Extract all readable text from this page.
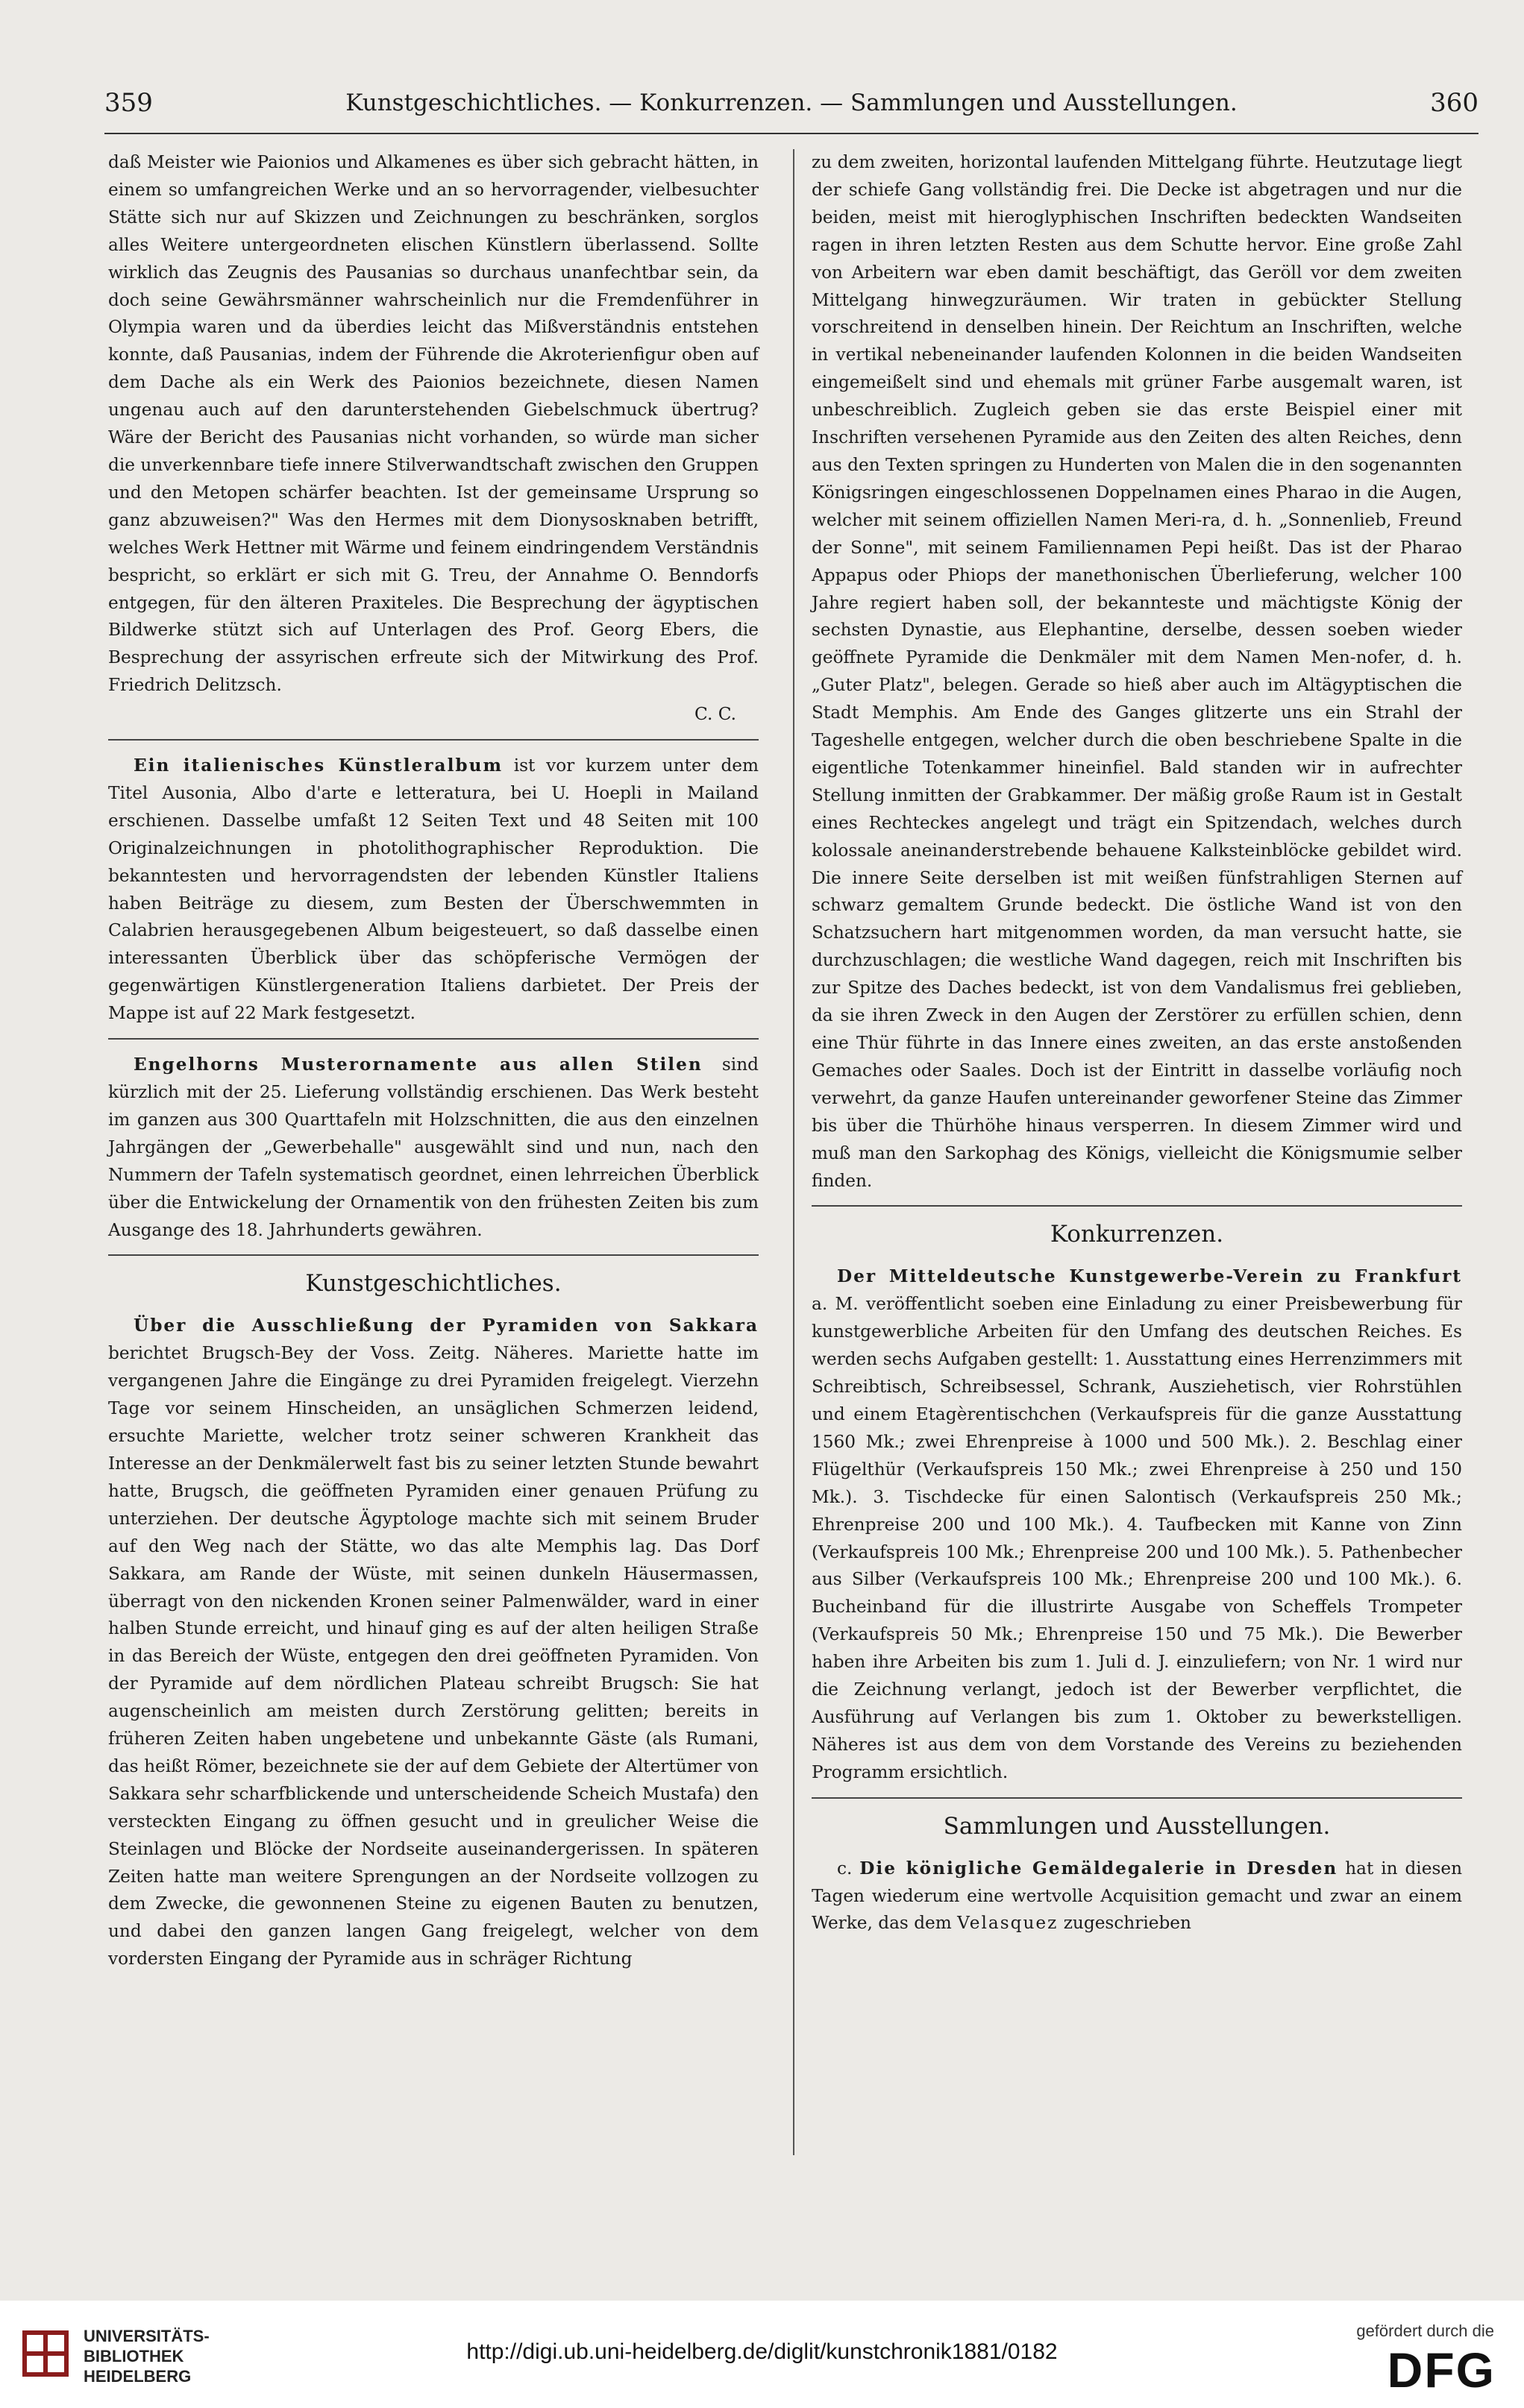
359	Kunstgeschichtliches. — Konkurrenzen. — Sammlungen und Ausstellungen.	360

daß Meister wie Paionios und Alkamenes es über sich gebracht hätten, in einem so umfangreichen Werke und an so hervorragender, vielbesuchter Stätte sich nur auf Skizzen und Zeichnungen zu beschränken, sorglos alles Weitere untergeordneten elischen Künstlern überlassend. Sollte wirklich das Zeugnis des Pausanias so durchaus unanfechtbar sein, da doch seine Gewährsmänner wahrscheinlich nur die Fremdenführer in Olympia waren und da überdies leicht das Mißverständnis entstehen konnte, daß Pausanias, indem der Führende die Akroterienfigur oben auf dem Dache als ein Werk des Paionios bezeichnete, diesen Namen ungenau auch auf den darunterstehenden Giebelschmuck übertrug? Wäre der Bericht des Pausanias nicht vorhanden, so würde man sicher die unverkennbare tiefe innere Stilverwandtschaft zwischen den Gruppen und den Metopen schärfer beachten. Ist der gemeinsame Ursprung so ganz abzuweisen?" Was den Hermes mit dem Dionysosknaben betrifft, welches Werk Hettner mit Wärme und feinem eindringendem Verständnis bespricht, so erklärt er sich mit G. Treu, der Annahme O. Benndorfs entgegen, für den älteren Praxiteles. Die Besprechung der ägyptischen Bildwerke stützt sich auf Unterlagen des Prof. Georg Ebers, die Besprechung der assyrischen erfreute sich der Mitwirkung des Prof. Friedrich Delitzsch.

C. C.

Ein italienisches Künstleralbum ist vor kurzem unter dem Titel Ausonia, Albo d'arte e letteratura, bei U. Hoepli in Mailand erschienen. Dasselbe umfaßt 12 Seiten Text und 48 Seiten mit 100 Originalzeichnungen in photolithographischer Reproduktion. Die bekanntesten und hervorragendsten der lebenden Künstler Italiens haben Beiträge zu diesem, zum Besten der Überschwemmten in Calabrien herausgegebenen Album beigesteuert, so daß dasselbe einen interessanten Überblick über das schöpferische Vermögen der gegenwärtigen Künstlergeneration Italiens darbietet. Der Preis der Mappe ist auf 22 Mark festgesetzt.

Engelhorns Musterornamente aus allen Stilen sind kürzlich mit der 25. Lieferung vollständig erschienen. Das Werk besteht im ganzen aus 300 Quarttafeln mit Holzschnitten, die aus den einzelnen Jahrgängen der „Gewerbehalle" ausgewählt sind und nun, nach den Nummern der Tafeln systematisch geordnet, einen lehrreichen Überblick über die Entwickelung der Ornamentik von den frühesten Zeiten bis zum Ausgange des 18. Jahrhunderts gewähren.

Kunstgeschichtliches.

Über die Ausschließung der Pyramiden von Sakkara berichtet Brugsch-Bey der Voss. Zeitg. Näheres. Mariette hatte im vergangenen Jahre die Eingänge zu drei Pyramiden freigelegt. Vierzehn Tage vor seinem Hinscheiden, an unsäglichen Schmerzen leidend, ersuchte Mariette, welcher trotz seiner schweren Krankheit das Interesse an der Denkmälerwelt fast bis zu seiner letzten Stunde bewahrt hatte, Brugsch, die geöffneten Pyramiden einer genauen Prüfung zu unterziehen. Der deutsche Ägyptologe machte sich mit seinem Bruder auf den Weg nach der Stätte, wo das alte Memphis lag. Das Dorf Sakkara, am Rande der Wüste, mit seinen dunkeln Häusermassen, überragt von den nickenden Kronen seiner Palmenwälder, ward in einer halben Stunde erreicht, und hinauf ging es auf der alten heiligen Straße in das Bereich der Wüste, entgegen den drei geöffneten Pyramiden. Von der Pyramide auf dem nördlichen Plateau schreibt Brugsch: Sie hat augenscheinlich am meisten durch Zerstörung gelitten; bereits in früheren Zeiten haben ungebetene und unbekannte Gäste (als Rumani, das heißt Römer, bezeichnete sie der auf dem Gebiete der Altertümer von Sakkara sehr scharfblickende und unterscheidende Scheich Mustafa) den versteckten Eingang zu öffnen gesucht und in greulicher Weise die Steinlagen und Blöcke der Nordseite auseinandergerissen. In späteren Zeiten hatte man weitere Sprengungen an der Nordseite vollzogen zu dem Zwecke, die gewonnenen Steine zu eigenen Bauten zu benutzen, und dabei den ganzen langen Gang freigelegt, welcher von dem vordersten Eingang der Pyramide aus in schräger Richtung

zu dem zweiten, horizontal laufenden Mittelgang führte. Heutzutage liegt der schiefe Gang vollständig frei. Die Decke ist abgetragen und nur die beiden, meist mit hieroglyphischen Inschriften bedeckten Wandseiten ragen in ihren letzten Resten aus dem Schutte hervor. Eine große Zahl von Arbeitern war eben damit beschäftigt, das Geröll vor dem zweiten Mittelgang hinwegzuräumen. Wir traten in gebückter Stellung vorschreitend in denselben hinein. Der Reichtum an Inschriften, welche in vertikal nebeneinander laufenden Kolonnen in die beiden Wandseiten eingemeißelt sind und ehemals mit grüner Farbe ausgemalt waren, ist unbeschreiblich. Zugleich geben sie das erste Beispiel einer mit Inschriften versehenen Pyramide aus den Zeiten des alten Reiches, denn aus den Texten springen zu Hunderten von Malen die in den sogenannten Königsringen eingeschlossenen Doppelnamen eines Pharao in die Augen, welcher mit seinem offiziellen Namen Meri-ra, d. h. „Sonnenlieb, Freund der Sonne", mit seinem Familiennamen Pepi heißt. Das ist der Pharao Appapus oder Phiops der manethonischen Überlieferung, welcher 100 Jahre regiert haben soll, der bekannteste und mächtigste König der sechsten Dynastie, aus Elephantine, derselbe, dessen soeben wieder geöffnete Pyramide die Denkmäler mit dem Namen Men-nofer, d. h. „Guter Platz", belegen. Gerade so hieß aber auch im Altägyptischen die Stadt Memphis. Am Ende des Ganges glitzerte uns ein Strahl der Tageshelle entgegen, welcher durch die oben beschriebene Spalte in die eigentliche Totenkammer hineinfiel. Bald standen wir in aufrechter Stellung inmitten der Grabkammer. Der mäßig große Raum ist in Gestalt eines Rechteckes angelegt und trägt ein Spitzendach, welches durch kolossale aneinanderstrebende behauene Kalksteinblöcke gebildet wird. Die innere Seite derselben ist mit weißen fünfstrahligen Sternen auf schwarz gemaltem Grunde bedeckt. Die östliche Wand ist von den Schatzsuchern hart mitgenommen worden, da man versucht hatte, sie durchzuschlagen; die westliche Wand dagegen, reich mit Inschriften bis zur Spitze des Daches bedeckt, ist von dem Vandalismus frei geblieben, da sie ihren Zweck in den Augen der Zerstörer zu erfüllen schien, denn eine Thür führte in das Innere eines zweiten, an das erste anstoßenden Gemaches oder Saales. Doch ist der Eintritt in dasselbe vorläufig noch verwehrt, da ganze Haufen untereinander geworfener Steine das Zimmer bis über die Thürhöhe hinaus versperren. In diesem Zimmer wird und muß man den Sarkophag des Königs, vielleicht die Königsmumie selber finden.

Konkurrenzen.

Der Mitteldeutsche Kunstgewerbe-Verein zu Frankfurt a. M. veröffentlicht soeben eine Einladung zu einer Preisbewerbung für kunstgewerbliche Arbeiten für den Umfang des deutschen Reiches. Es werden sechs Aufgaben gestellt: 1. Ausstattung eines Herrenzimmers mit Schreibtisch, Schreibsessel, Schrank, Ausziehetisch, vier Rohrstühlen und einem Etagèrentischchen (Verkaufspreis für die ganze Ausstattung 1560 Mk.; zwei Ehrenpreise à 1000 und 500 Mk.). 2. Beschlag einer Flügelthür (Verkaufspreis 150 Mk.; zwei Ehrenpreise à 250 und 150 Mk.). 3. Tischdecke für einen Salontisch (Verkaufspreis 250 Mk.; Ehrenpreise 200 und 100 Mk.). 4. Taufbecken mit Kanne von Zinn (Verkaufspreis 100 Mk.; Ehrenpreise 200 und 100 Mk.). 5. Pathenbecher aus Silber (Verkaufspreis 100 Mk.; Ehrenpreise 200 und 100 Mk.). 6. Bucheinband für die illustrirte Ausgabe von Scheffels Trompeter (Verkaufspreis 50 Mk.; Ehrenpreise 150 und 75 Mk.). Die Bewerber haben ihre Arbeiten bis zum 1. Juli d. J. einzuliefern; von Nr. 1 wird nur die Zeichnung verlangt, jedoch ist der Bewerber verpflichtet, die Ausführung auf Verlangen bis zum 1. Oktober zu bewerkstelligen. Näheres ist aus dem von dem Vorstande des Vereins zu beziehenden Programm ersichtlich.

Sammlungen und Ausstellungen.

c. Die königliche Gemäldegalerie in Dresden hat in diesen Tagen wiederum eine wertvolle Acquisition gemacht und zwar an einem Werke, das dem Velasquez zugeschrieben

UNIVERSITÄTS-
BIBLIOTHEK
HEIDELBERG
http://digi.ub.uni-heidelberg.de/diglit/kunstchronik1881/0182
gefördert durch die
DFG
